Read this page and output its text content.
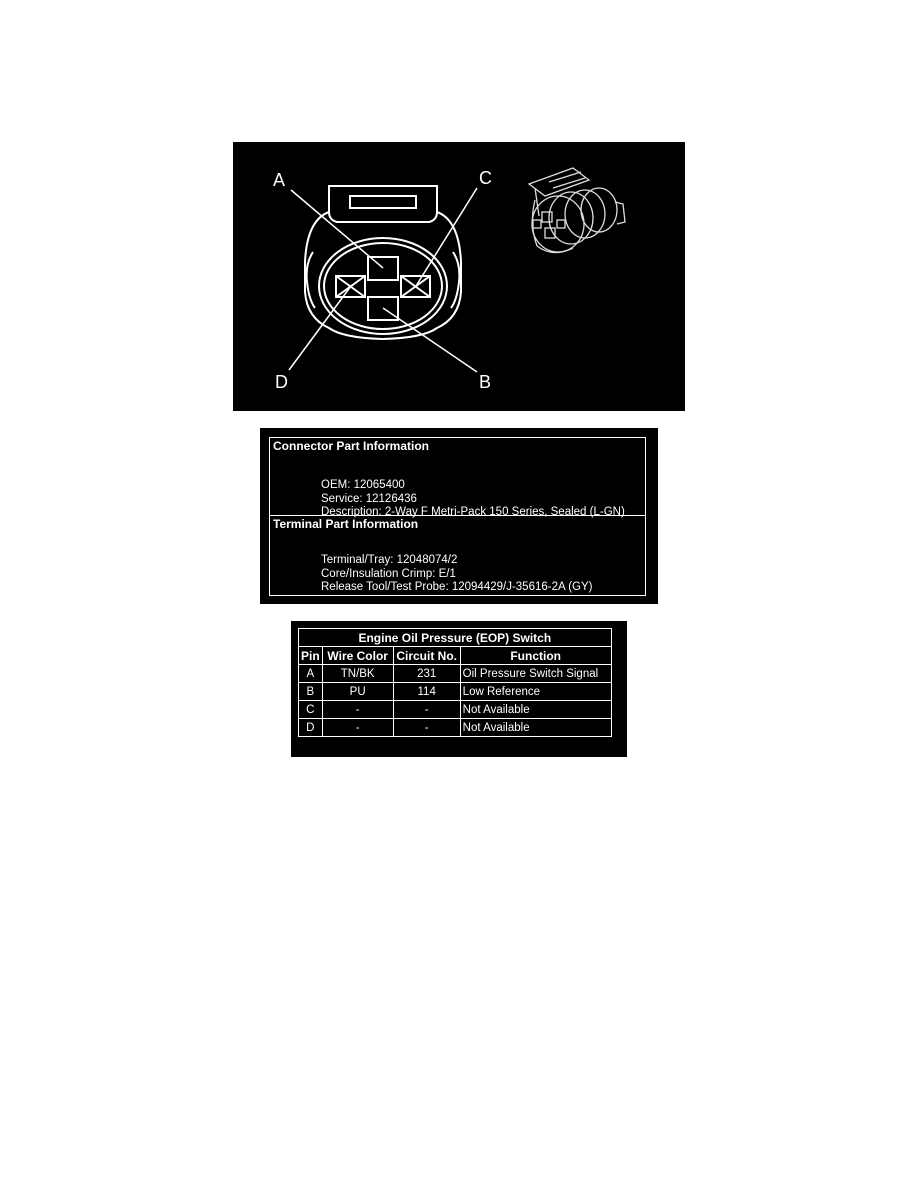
A	C
D	B
Connector Part Information
OEM: 12065400
Service: 12126436
Description: 2-Way F Metri-Pack 150 Series, Sealed (L-GN)
Terminal Part Information
Terminal/Tray: 12048074/2
Core/Insulation Crimp: E/1
Release Tool/Test Probe: 12094429/J-35616-2A (GY)
Engine Oil Pressure (EOP) Switch			
Pin	Wire Color	Circuit No.	Function
A	TN/BK	231	Oil Pressure Switch Signal
B	PU	114	Low Reference
C	-	-	Not Available
D	-	-	Not Available
